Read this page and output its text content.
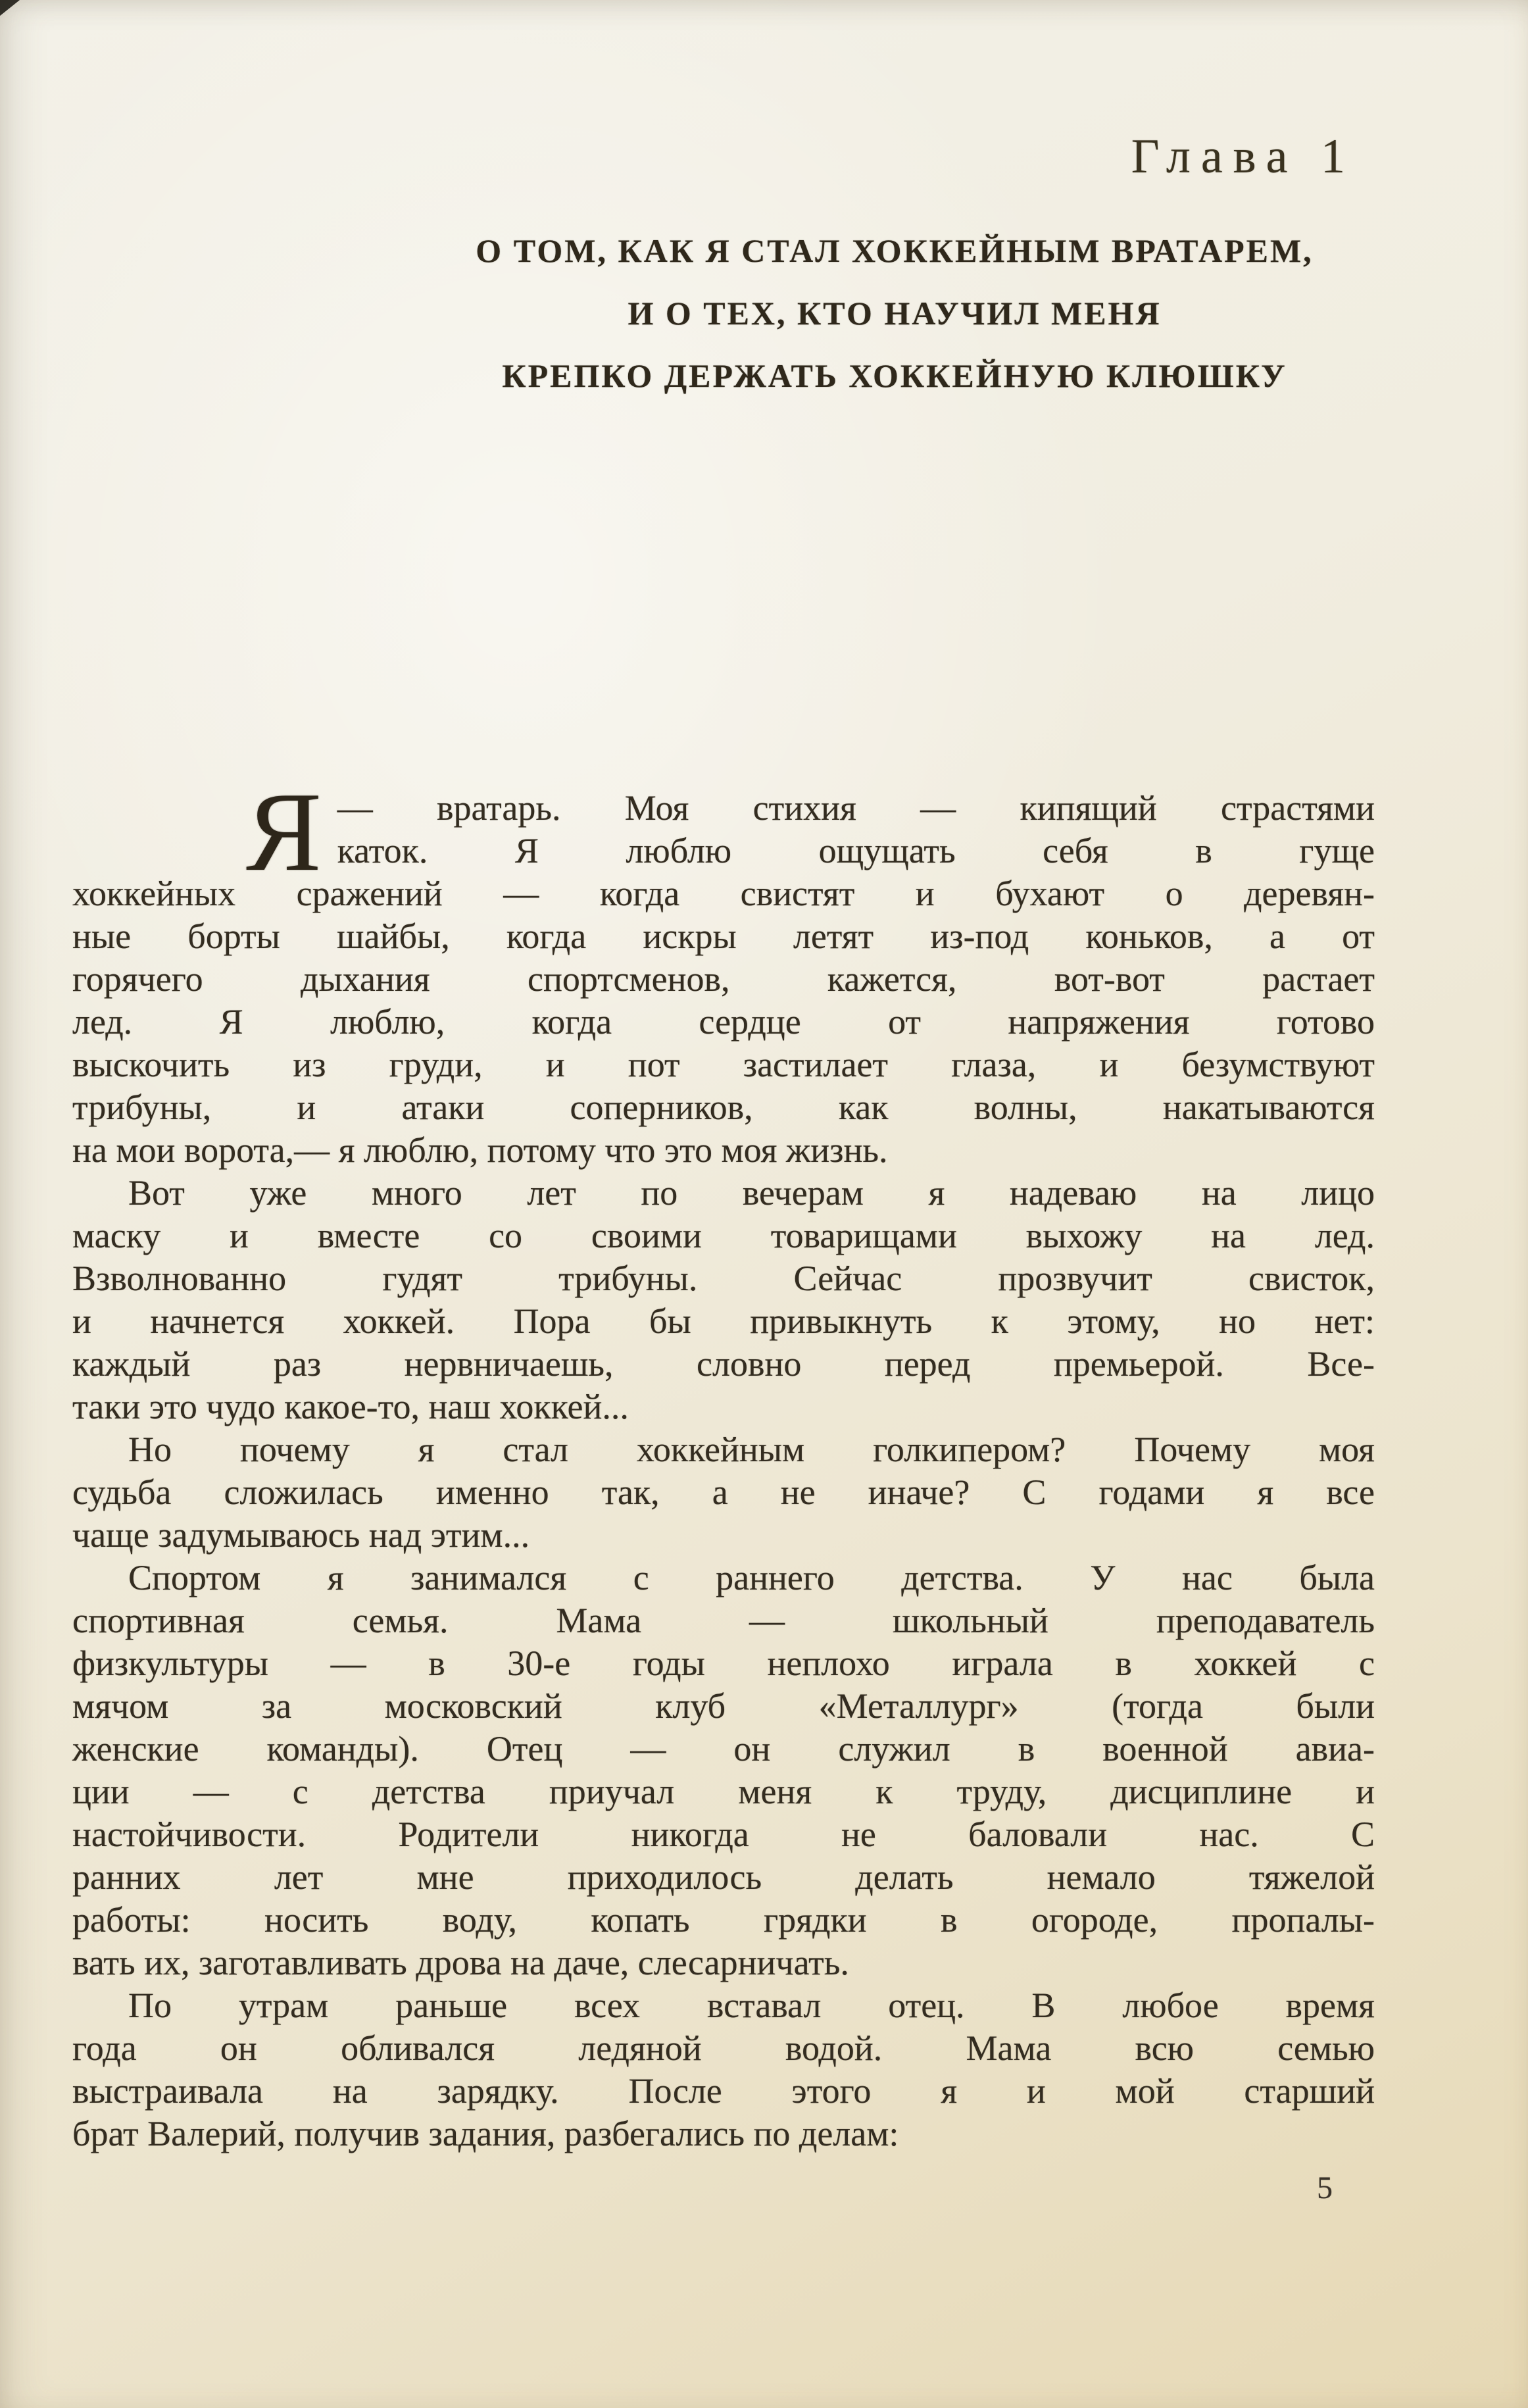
Глава 1
О ТОМ, КАК Я СТАЛ ХОККЕЙНЫМ ВРАТАРЕМ,
И О ТЕХ, КТО НАУЧИЛ МЕНЯ
КРЕПКО ДЕРЖАТЬ ХОККЕЙНУЮ КЛЮШКУ
Я — вратарь. Моя стихия — кипящий страстями
каток. Я люблю ощущать себя в гуще
хоккейных сражений — когда свистят и бухают о деревян-
ные борты шайбы, когда искры летят из-под коньков, а от
горячего дыхания спортсменов, кажется, вот-вот растает
лед. Я люблю, когда сердце от напряжения готово
выскочить из груди, и пот застилает глаза, и безумствуют
трибуны, и атаки соперников, как волны, накатываются
на мои ворота,— я люблю, потому что это моя жизнь.
Вот уже много лет по вечерам я надеваю на лицо
маску и вместе со своими товарищами выхожу на лед.
Взволнованно гудят трибуны. Сейчас прозвучит свисток,
и начнется хоккей. Пора бы привыкнуть к этому, но нет:
каждый раз нервничаешь, словно перед премьерой. Все-
таки это чудо какое-то, наш хоккей...
Но почему я стал хоккейным голкипером? Почему моя
судьба сложилась именно так, а не иначе? С годами я все
чаще задумываюсь над этим...
Спортом я занимался с раннего детства. У нас была
спортивная семья. Мама — школьный преподаватель
физкультуры — в 30-е годы неплохо играла в хоккей с
мячом за московский клуб «Металлург» (тогда были
женские команды). Отец — он служил в военной авиа-
ции — с детства приучал меня к труду, дисциплине и
настойчивости. Родители никогда не баловали нас. С
ранних лет мне приходилось делать немало тяжелой
работы: носить воду, копать грядки в огороде, пропалы-
вать их, заготавливать дрова на даче, слесарничать.
По утрам раньше всех вставал отец. В любое время
года он обливался ледяной водой. Мама всю семью
выстраивала на зарядку. После этого я и мой старший
брат Валерий, получив задания, разбегались по делам:
5
